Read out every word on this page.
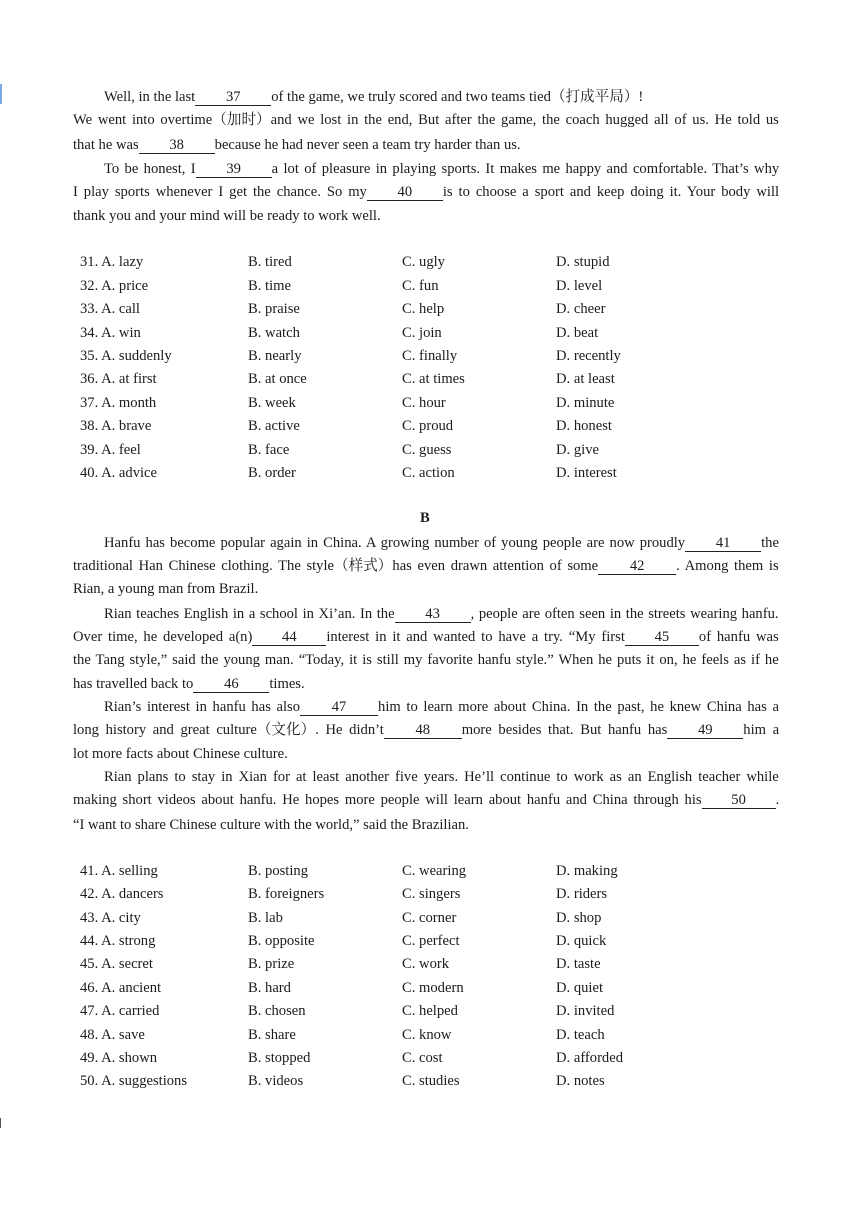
Well, in the last 37 of the game, we truly scored and two teams tied（打成平局）!
We went into overtime（加时）and we lost in the end, But after the game, the coach hugged all of us. He told us
that he was 38 because he had never seen a team try harder than us.
To be honest, I 39 a lot of pleasure in playing sports. It makes me happy and comfortable. That’s why
I play sports whenever I get the chance. So my 40 is to choose a sport and keep doing it. Your body will
thank you and your mind will be ready to work well.
31. A. lazy	B. tired	C. ugly	D. stupid
32. A. price	B. time	C. fun	D. level
33. A. call	B. praise	C. help	D. cheer
34. A. win	B. watch	C. join	D. beat
35. A. suddenly	B. nearly	C. finally	D. recently
36. A. at first	B. at once	C. at times	D. at least
37. A. month	B. week	C. hour	D. minute
38. A. brave	B. active	C. proud	D. honest
39. A. feel	B. face	C. guess	D. give
40. A. advice	B. order	C. action	D. interest
B
Hanfu has become popular again in China. A growing number of young people are now proudly 41 the
traditional Han Chinese clothing. The style（样式）has even drawn attention of some 42 . Among them is
Rian, a young man from Brazil.
Rian teaches English in a school in Xi’an. In the 43 , people are often seen in the streets wearing hanfu.
Over time, he developed a(n) 44 interest in it and wanted to have a try. “My first 45 of hanfu was
the Tang style,” said the young man. “Today, it is still my favorite hanfu style.” When he puts it on, he feels as if he
has travelled back to 46 times.
Rian’s interest in hanfu has also 47 him to learn more about China. In the past, he knew China has a
long history and great culture（文化）. He didn’t 48 more besides that. But hanfu has 49 him a
lot more facts about Chinese culture.
Rian plans to stay in Xian for at least another five years. He’ll continue to work as an English teacher while
making short videos about hanfu. He hopes more people will learn about hanfu and China through his 50 .
“I want to share Chinese culture with the world,” said the Brazilian.
41. A. selling	B. posting	C. wearing	D. making
42. A. dancers	B. foreigners	C. singers	D. riders
43. A. city	B. lab	C. corner	D. shop
44. A. strong	B. opposite	C. perfect	D. quick
45. A. secret	B. prize	C. work	D. taste
46. A. ancient	B. hard	C. modern	D. quiet
47. A. carried	B. chosen	C. helped	D. invited
48. A. save	B. share	C. know	D. teach
49. A. shown	B. stopped	C. cost	D. afforded
50. A. suggestions	B. videos	C. studies	D. notes
